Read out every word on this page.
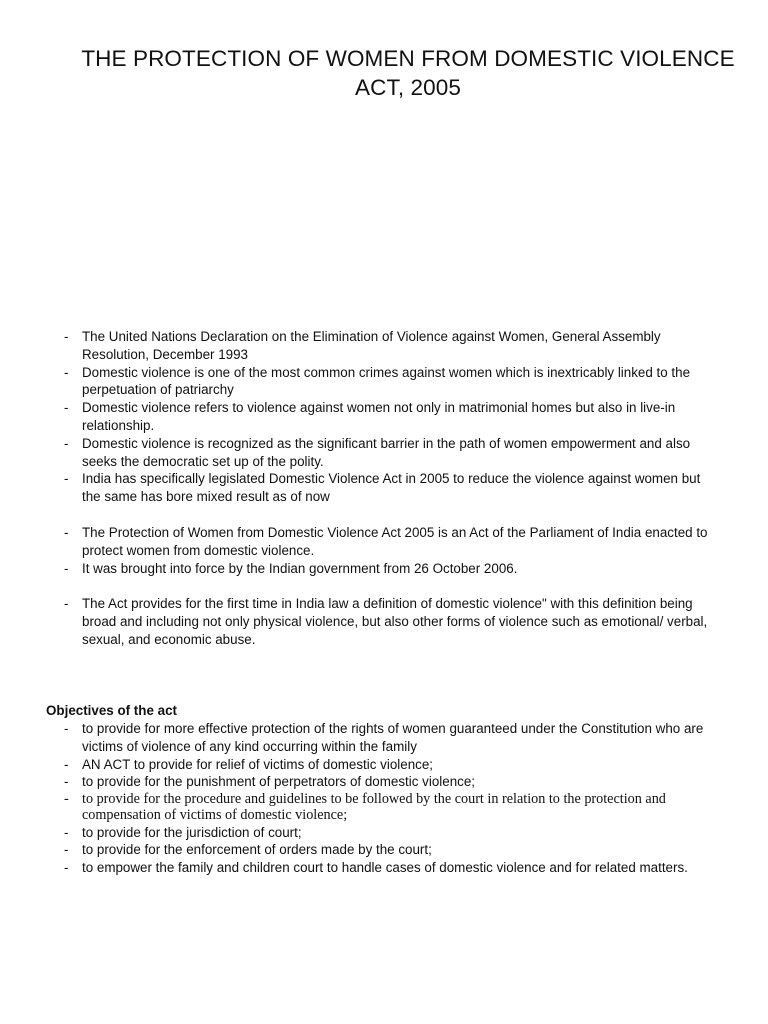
THE PROTECTION OF WOMEN FROM DOMESTIC VIOLENCE ACT, 2005
- The United Nations Declaration on the Elimination of Violence against Women, General Assembly Resolution, December 1993
- Domestic violence is one of the most common crimes against women which is inextricably linked to the perpetuation of patriarchy
- Domestic violence refers to violence against women not only in matrimonial homes but also in live-in relationship.
- Domestic violence is recognized as the significant barrier in the path of women empowerment and also seeks the democratic set up of the polity.
- India has specifically legislated Domestic Violence Act in 2005 to reduce the violence against women but the same has bore mixed result as of now
- The Protection of Women from Domestic Violence Act 2005 is an Act of the Parliament of India enacted to protect women from domestic violence.
- It was brought into force by the Indian government from 26 October 2006.
- The Act provides for the first time in India law a definition of domestic violence" with this definition being broad and including not only physical violence, but also other forms of violence such as emotional/ verbal, sexual, and economic abuse.
Objectives of the act
- to provide for more effective protection of the rights of women guaranteed under the Constitution who are victims of violence of any kind occurring within the family
- AN ACT to provide for relief of victims of domestic violence;
- to provide for the punishment of perpetrators of domestic violence;
- to provide for the procedure and guidelines to be followed by the court in relation to the protection and compensation of victims of domestic violence;
- to provide for the jurisdiction of court;
- to provide for the enforcement of orders made by the court;
- to empower the family and children court to handle cases of domestic violence and for related matters.
